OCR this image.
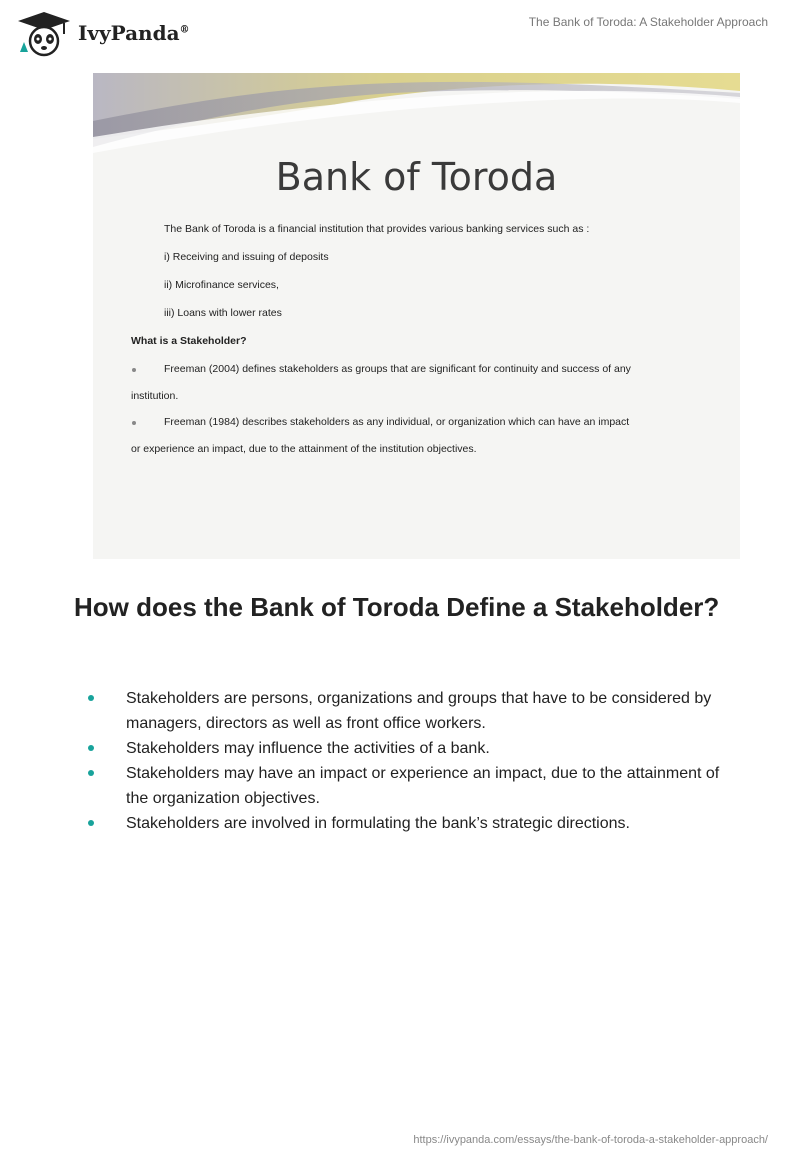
IvyPanda®
The Bank of Toroda: A Stakeholder Approach
Bank of Toroda
The Bank of Toroda is a financial institution that provides various banking services such as :
i) Receiving and issuing of deposits
ii) Microfinance services,
iii) Loans with lower rates
What is a Stakeholder?
Freeman (2004) defines stakeholders as groups that are significant for continuity and success of any
institution.
Freeman (1984) describes stakeholders as any individual, or organization which can have an impact
or experience an impact, due to the attainment of the institution objectives.
How does the Bank of Toroda Define a Stakeholder?
Stakeholders are persons, organizations and groups that have to be considered by managers, directors as well as front office workers.
Stakeholders may influence the activities of a bank.
Stakeholders may have an impact or experience an impact, due to the attainment of the organization objectives.
Stakeholders are involved in formulating the bank’s strategic directions.
https://ivypanda.com/essays/the-bank-of-toroda-a-stakeholder-approach/
